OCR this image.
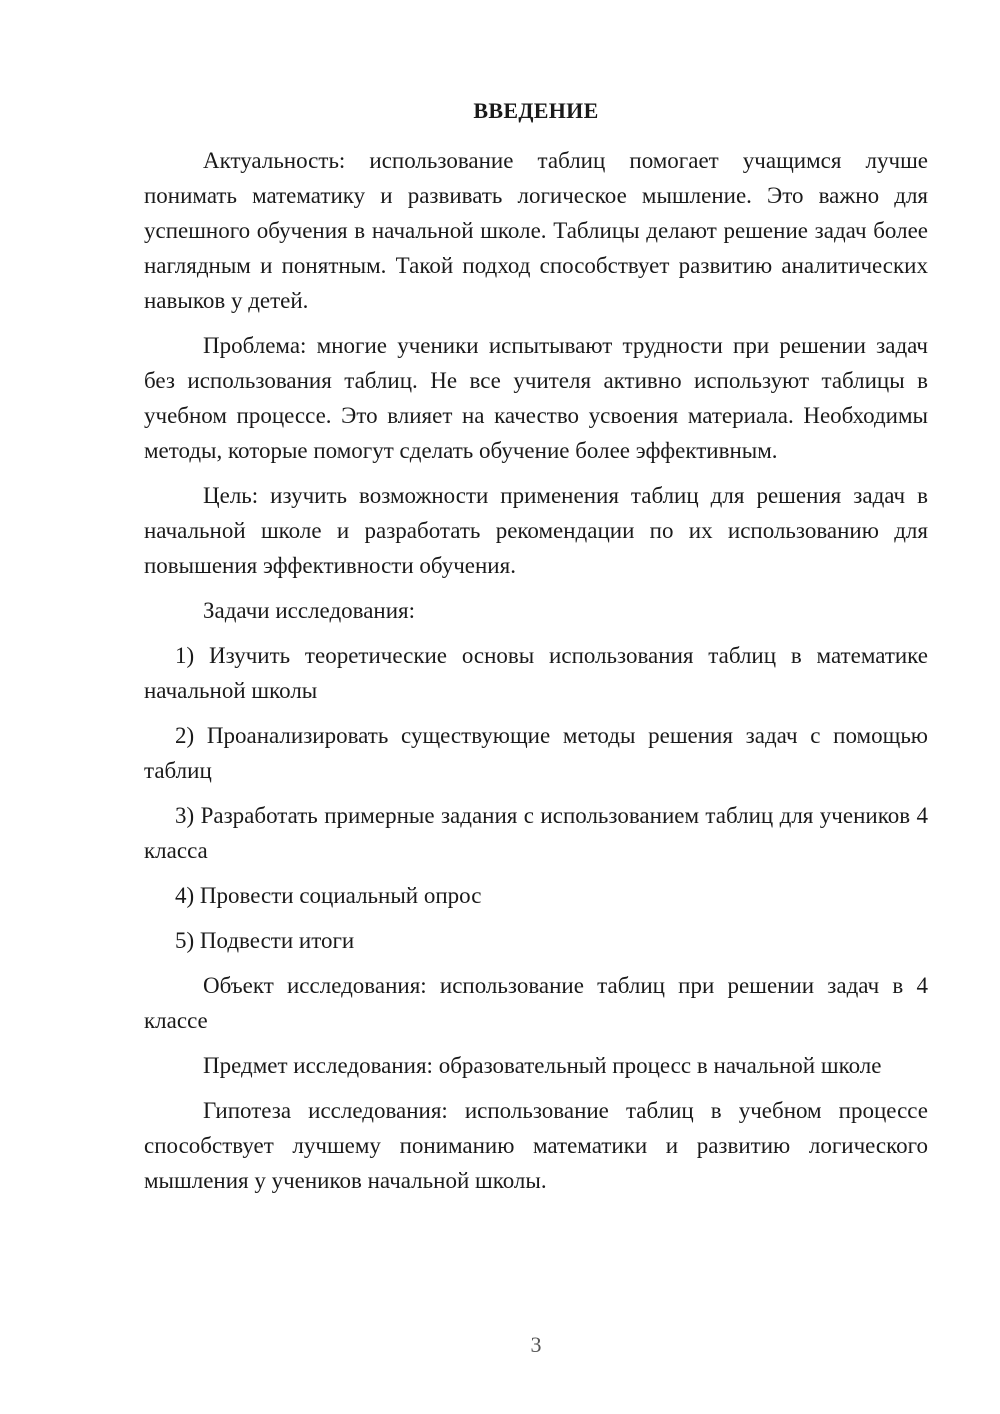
ВВЕДЕНИЕ

Актуальность: использование таблиц помогает учащимся лучше понимать математику и развивать логическое мышление. Это важно для успешного обучения в начальной школе. Таблицы делают решение задач более наглядным и понятным. Такой подход способствует развитию аналитических навыков у детей.

Проблема: многие ученики испытывают трудности при решении задач без использования таблиц. Не все учителя активно используют таблицы в учебном процессе. Это влияет на качество усвоения материала. Необходимы методы, которые помогут сделать обучение более эффективным.

Цель: изучить возможности применения таблиц для решения задач в начальной школе и разработать рекомендации по их использованию для повышения эффективности обучения.

Задачи исследования:

1) Изучить теоретические основы использования таблиц в математике начальной школы

2) Проанализировать существующие методы решения задач с помощью таблиц

3) Разработать примерные задания с использованием таблиц для учеников 4 класса

4) Провести социальный опрос

5) Подвести итоги

Объект исследования: использование таблиц при решении задач в 4 классе

Предмет исследования: образовательный процесс в начальной школе

Гипотеза исследования: использование таблиц в учебном процессе способствует лучшему пониманию математики и развитию логического мышления у учеников начальной школы.

3
